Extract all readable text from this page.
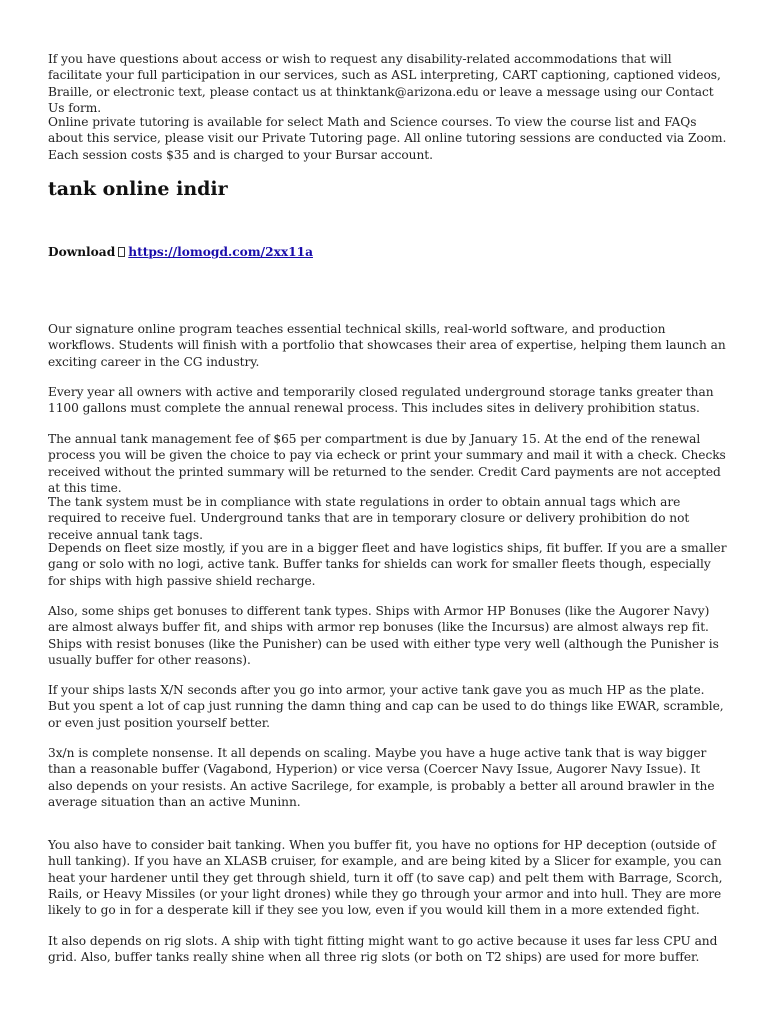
If you have questions about access or wish to request any disability-related accommodations that will facilitate your full participation in our services, such as ASL interpreting, CART captioning, captioned videos, Braille, or electronic text, please contact us at thinktank@arizona.edu or leave a message using our Contact Us form.

Online private tutoring is available for select Math and Science courses. To view the course list and FAQs about this service, please visit our Private Tutoring page. All online tutoring sessions are conducted via Zoom. Each session costs $35 and is charged to your Bursar account.

tank online indir

Download https://lomogd.com/2xx11a

Our signature online program teaches essential technical skills, real-world software, and production workflows. Students will finish with a portfolio that showcases their area of expertise, helping them launch an exciting career in the CG industry.

Every year all owners with active and temporarily closed regulated underground storage tanks greater than 1100 gallons must complete the annual renewal process. This includes sites in delivery prohibition status.

The annual tank management fee of $65 per compartment is due by January 15. At the end of the renewal process you will be given the choice to pay via echeck or print your summary and mail it with a check. Checks received without the printed summary will be returned to the sender. Credit Card payments are not accepted at this time.

The tank system must be in compliance with state regulations in order to obtain annual tags which are required to receive fuel. Underground tanks that are in temporary closure or delivery prohibition do not receive annual tank tags.

Depends on fleet size mostly, if you are in a bigger fleet and have logistics ships, fit buffer. If you are a smaller gang or solo with no logi, active tank. Buffer tanks for shields can work for smaller fleets though, especially for ships with high passive shield recharge.

Also, some ships get bonuses to different tank types. Ships with Armor HP Bonuses (like the Augorer Navy) are almost always buffer fit, and ships with armor rep bonuses (like the Incursus) are almost always rep fit. Ships with resist bonuses (like the Punisher) can be used with either type very well (although the Punisher is usually buffer for other reasons).

If your ships lasts X/N seconds after you go into armor, your active tank gave you as much HP as the plate. But you spent a lot of cap just running the damn thing and cap can be used to do things like EWAR, scramble, or even just position yourself better.

3x/n is complete nonsense. It all depends on scaling. Maybe you have a huge active tank that is way bigger than a reasonable buffer (Vagabond, Hyperion) or vice versa (Coercer Navy Issue, Augorer Navy Issue). It also depends on your resists. An active Sacrilege, for example, is probably a better all around brawler in the average situation than an active Muninn.

You also have to consider bait tanking. When you buffer fit, you have no options for HP deception (outside of hull tanking). If you have an XLASB cruiser, for example, and are being kited by a Slicer for example, you can heat your hardener until they get through shield, turn it off (to save cap) and pelt them with Barrage, Scorch, Rails, or Heavy Missiles (or your light drones) while they go through your armor and into hull. They are more likely to go in for a desperate kill if they see you low, even if you would kill them in a more extended fight.

It also depends on rig slots. A ship with tight fitting might want to go active because it uses far less CPU and grid. Also, buffer tanks really shine when all three rig slots (or both on T2 ships) are used for more buffer.
